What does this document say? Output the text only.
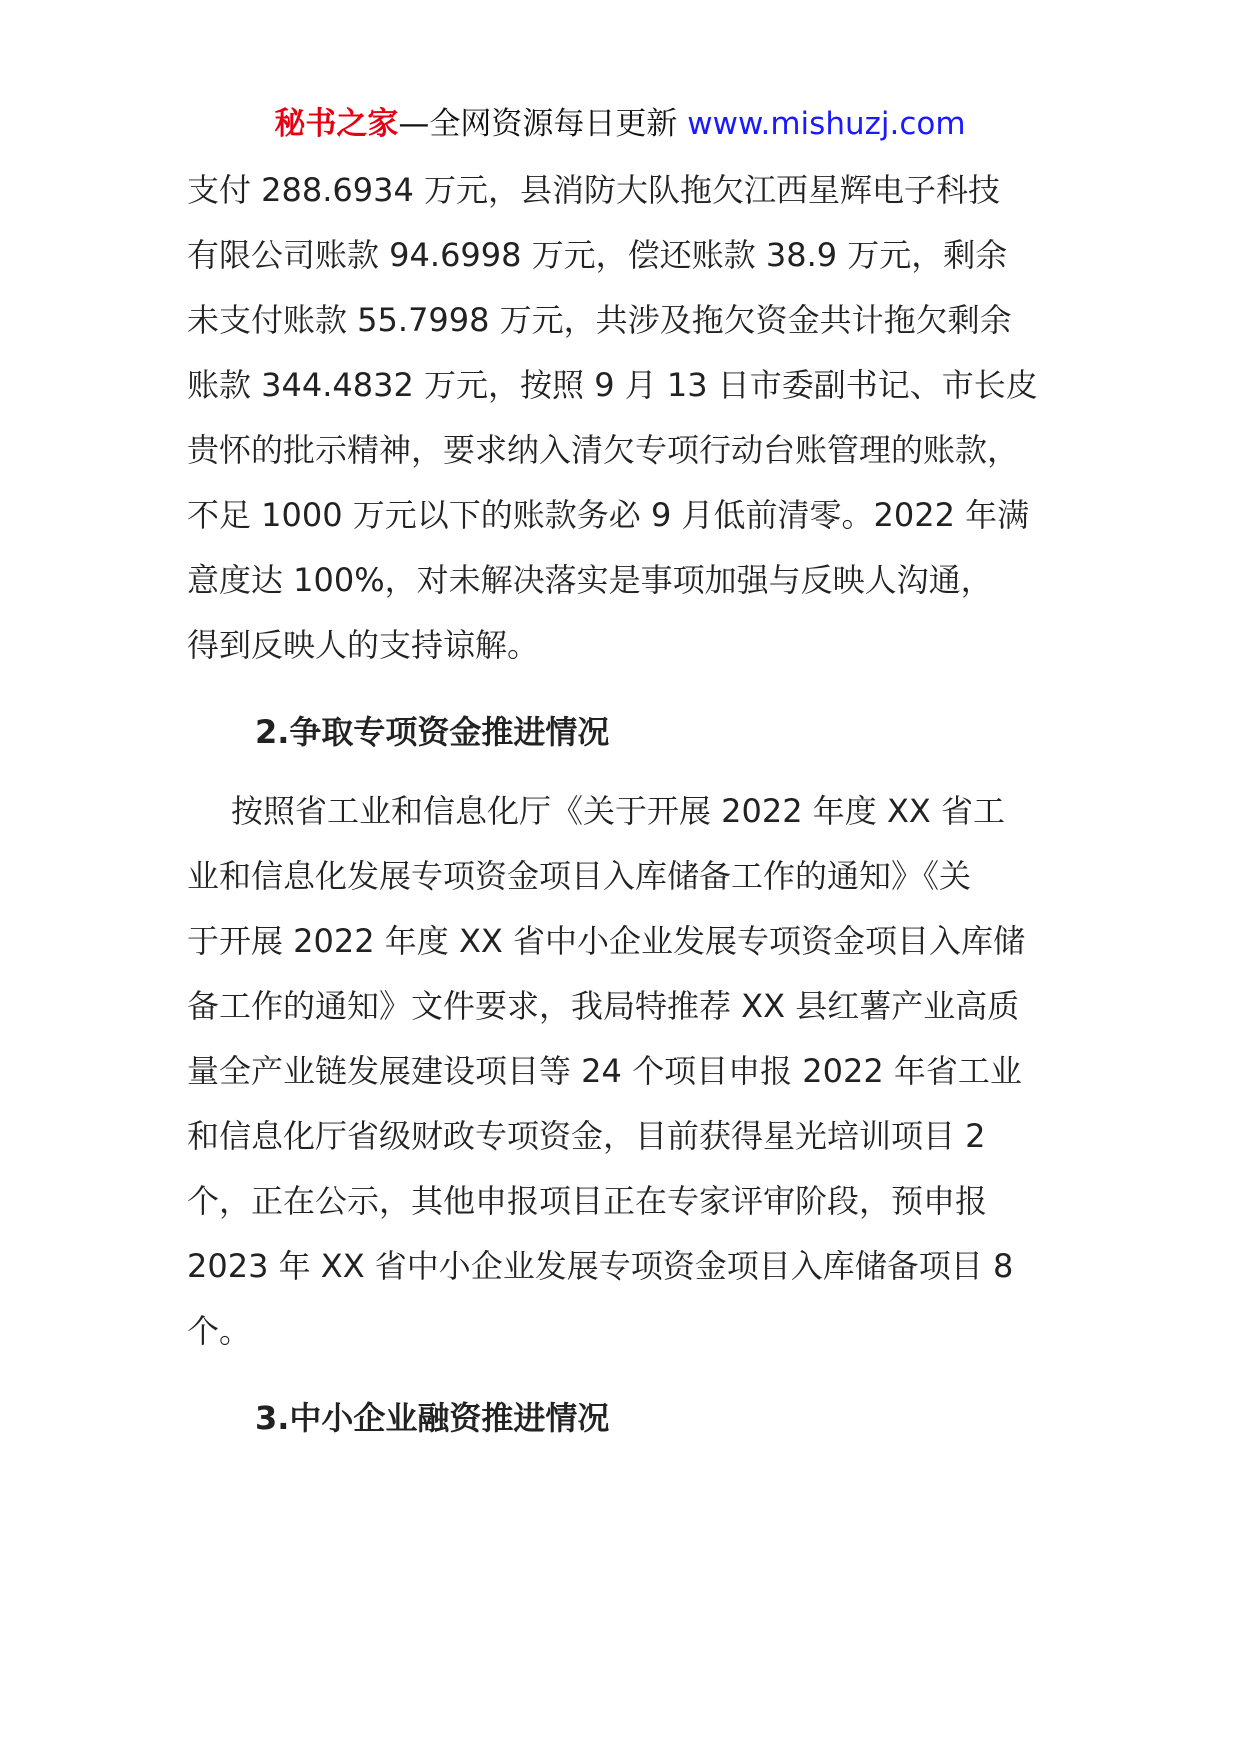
秘书之家—全网资源每日更新 www.mishuzj.com

支付 288.6934 万元，县消防大队拖欠江西星辉电子科技
有限公司账款 94.6998 万元，偿还账款 38.9 万元，剩余
未支付账款 55.7998 万元，共涉及拖欠资金共计拖欠剩余
账款 344.4832 万元，按照 9 月 13 日市委副书记、市长皮
贵怀的批示精神，要求纳入清欠专项行动台账管理的账款，
不足 1000 万元以下的账款务必 9 月低前清零。2022 年满
意度达 100%，对未解决落实是事项加强与反映人沟通，
得到反映人的支持谅解。

2.争取专项资金推进情况

按照省工业和信息化厅《关于开展 2022 年度 XX 省工
业和信息化发展专项资金项目入库储备工作的通知》《关
于开展 2022 年度 XX 省中小企业发展专项资金项目入库储
备工作的通知》文件要求，我局特推荐 XX 县红薯产业高质
量全产业链发展建设项目等 24 个项目申报 2022 年省工业
和信息化厅省级财政专项资金，目前获得星光培训项目 2
个，正在公示，其他申报项目正在专家评审阶段，预申报
2023 年 XX 省中小企业发展专项资金项目入库储备项目 8
个。

3.中小企业融资推进情况
